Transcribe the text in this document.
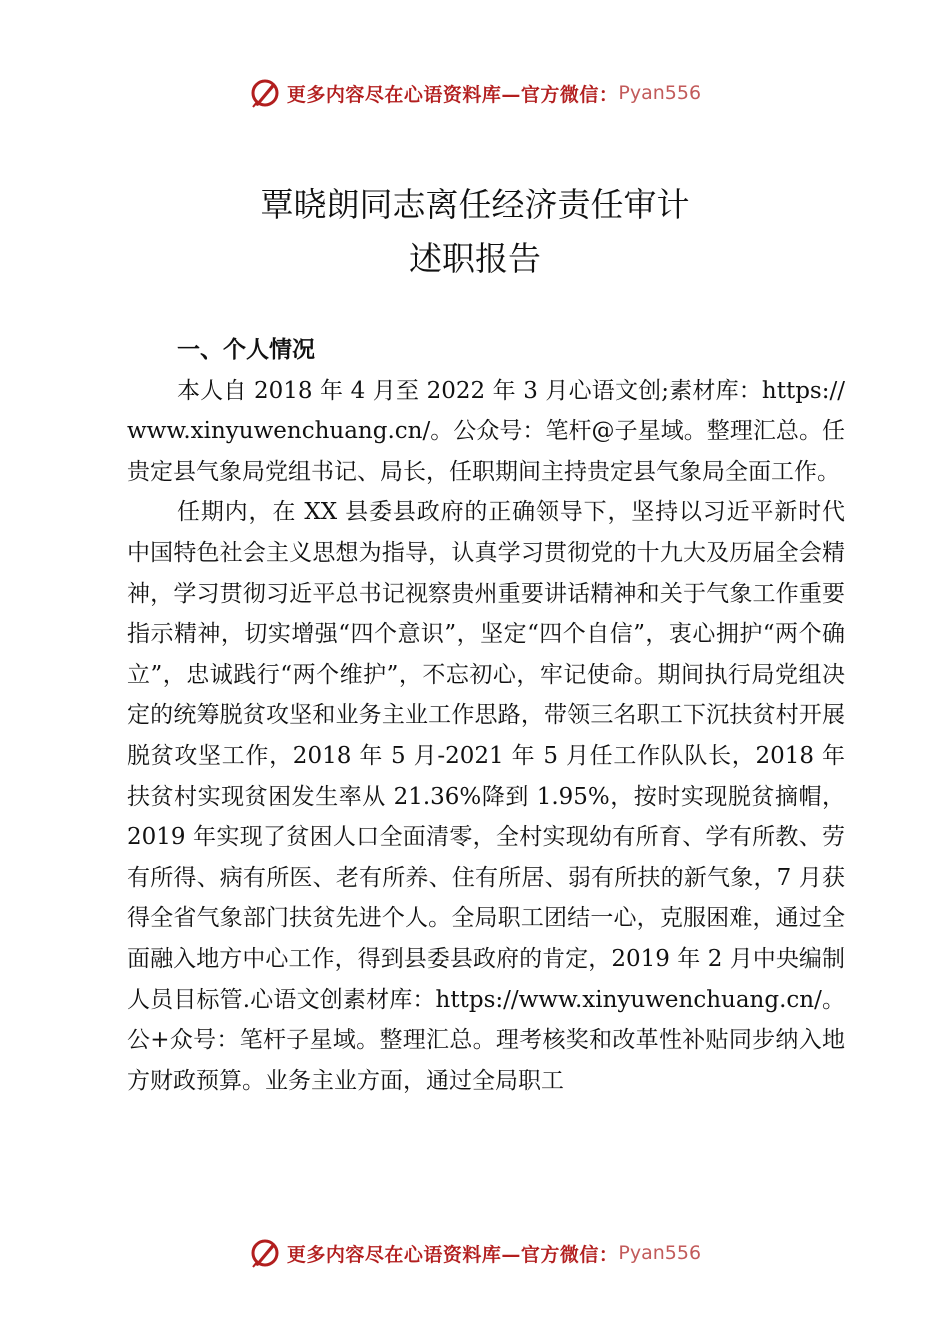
更多内容尽在心语资料库—官方微信： Pyan556
覃晓朗同志离任经济责任审计
述职报告

一、个人情况

本人自 2018 年 4 月至 2022 年 3 月心语文创;素材库：https://www.xinyuwenchuang.cn/。公众号：笔杆@子星域。整理汇总。任贵定县气象局党组书记、局长，任职期间主持贵定县气象局全面工作。

任期内，在 XX 县委县政府的正确领导下，坚持以习近平新时代中国特色社会主义思想为指导，认真学习贯彻党的十九大及历届全会精神，学习贯彻习近平总书记视察贵州重要讲话精神和关于气象工作重要指示精神，切实增强“四个意识”，坚定“四个自信”，衷心拥护“两个确立”，忠诚践行“两个维护”，不忘初心，牢记使命。期间执行局党组决定的统筹脱贫攻坚和业务主业工作思路，带领三名职工下沉扶贫村开展脱贫攻坚工作，2018 年 5 月-2021 年 5 月任工作队队长，2018 年扶贫村实现贫困发生率从 21.36%降到 1.95%，按时实现脱贫摘帽，2019 年实现了贫困人口全面清零，全村实现幼有所育、学有所教、劳有所得、病有所医、老有所养、住有所居、弱有所扶的新气象，7 月获得全省气象部门扶贫先进个人。全局职工团结一心，克服困难，通过全面融入地方中心工作，得到县委县政府的肯定，2019 年 2 月中央编制人员目标管.心语文创素材库：https://www.xinyuwenchuang.cn/。公+众号：笔杆子星域。整理汇总。理考核奖和改革性补贴同步纳入地方财政预算。业务主业方面，通过全局职工

更多内容尽在心语资料库—官方微信： Pyan556
